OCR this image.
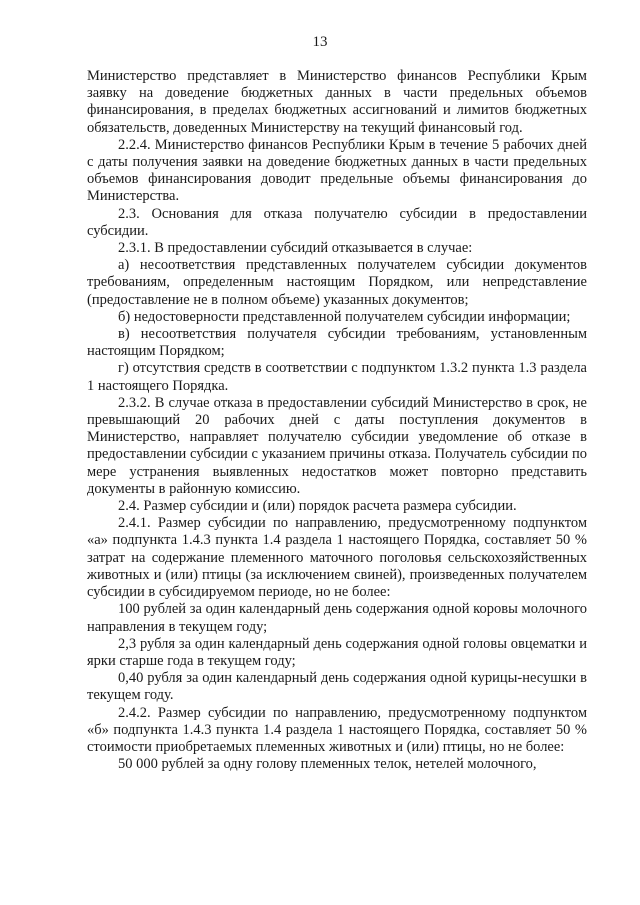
13

Министерство представляет в Министерство финансов Республики Крым заявку на доведение бюджетных данных в части предельных объемов финансирования, в пределах бюджетных ассигнований и лимитов бюджетных обязательств, доведенных Министерству на текущий финансовый год.

2.2.4. Министерство финансов Республики Крым в течение 5 рабочих дней с даты получения заявки на доведение бюджетных данных в части предельных объемов финансирования доводит предельные объемы финансирования до Министерства.

2.3. Основания для отказа получателю субсидии в предоставлении субсидии.

2.3.1. В предоставлении субсидий отказывается в случае:

а) несоответствия представленных получателем субсидии документов требованиям, определенным настоящим Порядком, или непредставление (предоставление не в полном объеме) указанных документов;

б) недостоверности представленной получателем субсидии информации;

в) несоответствия получателя субсидии требованиям, установленным настоящим Порядком;

г) отсутствия средств в соответствии с подпунктом 1.3.2 пункта 1.3 раздела 1 настоящего Порядка.

2.3.2. В случае отказа в предоставлении субсидий Министерство в срок, не превышающий 20 рабочих дней с даты поступления документов в Министерство, направляет получателю субсидии уведомление об отказе в предоставлении субсидии с указанием причины отказа. Получатель субсидии по мере устранения выявленных недостатков может повторно представить документы в районную комиссию.

2.4. Размер субсидии и (или) порядок расчета размера субсидии.

2.4.1. Размер субсидии по направлению, предусмотренному подпунктом «а» подпункта 1.4.3 пункта 1.4 раздела 1 настоящего Порядка, составляет 50 % затрат на содержание племенного маточного поголовья сельскохозяйственных животных и (или) птицы (за исключением свиней), произведенных получателем субсидии в субсидируемом периоде, но не более:

100 рублей за один календарный день содержания одной коровы молочного направления в текущем году;

2,3 рубля за один календарный день содержания одной головы овцематки и ярки старше года в текущем году;

0,40 рубля за один календарный день содержания одной курицы-несушки в текущем году.

2.4.2. Размер субсидии по направлению, предусмотренному подпунктом «б» подпункта 1.4.3 пункта 1.4 раздела 1 настоящего Порядка, составляет 50 % стоимости приобретаемых племенных животных и (или) птицы, но не более:

50 000 рублей за одну голову племенных телок, нетелей молочного,
